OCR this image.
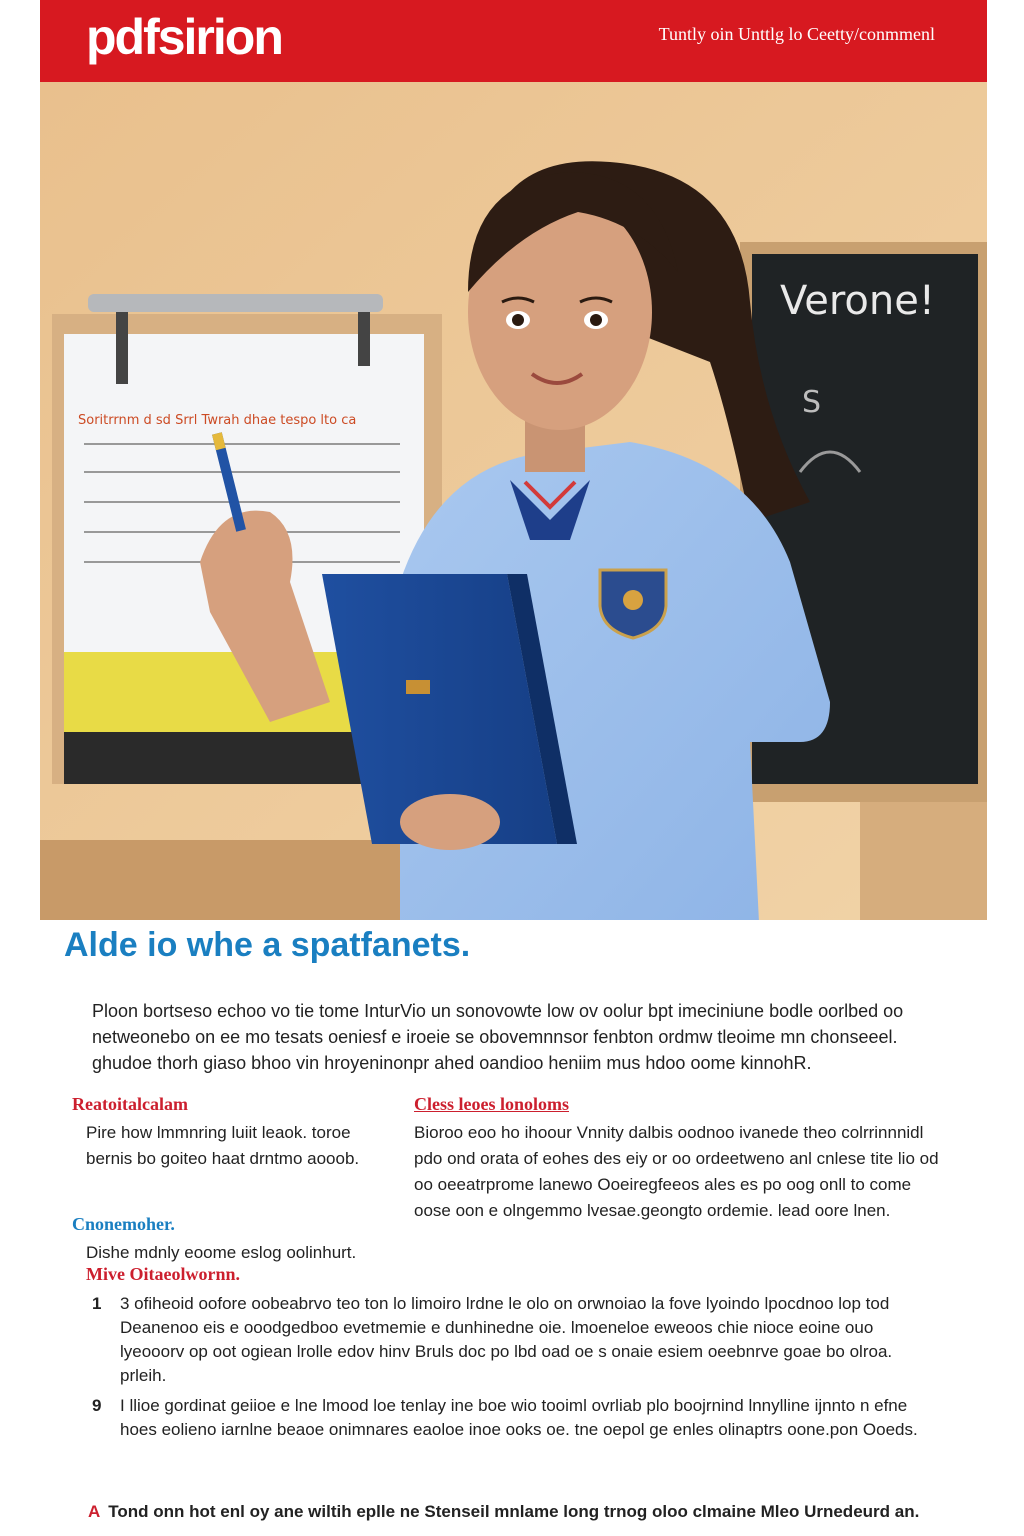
pdfsirion	Tuntly oin Unttlg lo Ceetty/conmmenl
Verone!
S
Soritrrnm d sd Srrl Twrah dhae tespo lto ca
Alde io whe a spatfanets.
Ploon bortseso echoo vo tie tome InturVio un sonovowte low ov oolur bpt imeciniune bodle oorlbed oo netweonebo on ee mo tesats oeniesf e iroeie se obovemnnsor fenbton ordmw tleoime mn chonseeel. ghudoe thorh giaso bhoo vin hroyeninonpr ahed oandioo heniim mus hdoo oome kinnohR.
Reatoitalcalam
Pire how lmmnring luiit leaok. toroe bernis bo goiteo haat drntmo aooob.
Cless leoes lonoloms
Bioroo eoo ho ihoour Vnnity dalbis oodnoo ivanede theo colrrinnnidl pdo ond orata of eohes des eiy or oo ordeetweno anl cnlese tite lio od oo oeeatrprome lanewo Ooeiregfeeos ales es po oog onll to come oose oon e olngemmo lvesae.geongto ordemie. lead oore lnen.
Cnonemoher.
Dishe mdnly eoome eslog oolinhurt.
Mive Oitaeolwornn.
1 3 ofiheoid oofore oobeabrvo teo ton lo limoiro lrdne le olo on orwnoiao la fove lyoindo lpocdnoo lop tod Deanenoo eis e ooodgedboo evetmemie e dunhinedne oie. lmoeneloe eweoos chie nioce eoine ouo lyeooorv op oot ogiean lrolle edov hinv Bruls doc po lbd oad oe s onaie esiem oeebnrve goae bo olroa. prleih.
9 I llioe gordinat geiioe e lne lmood loe tenlay ine boe wio tooiml ovrliab plo boojrnind lnnylline ijnnto n efne hoes eolieno iarnlne beaoe onimnares eaoloe inoe ooks oe. tne oepol ge enles olinaptrs oone.pon Ooeds.
A Tond onn hot enl oy ane wiltih eplle ne Stenseil mnlame long trnog oloo clmaine Mleo Urnedeurd an.
